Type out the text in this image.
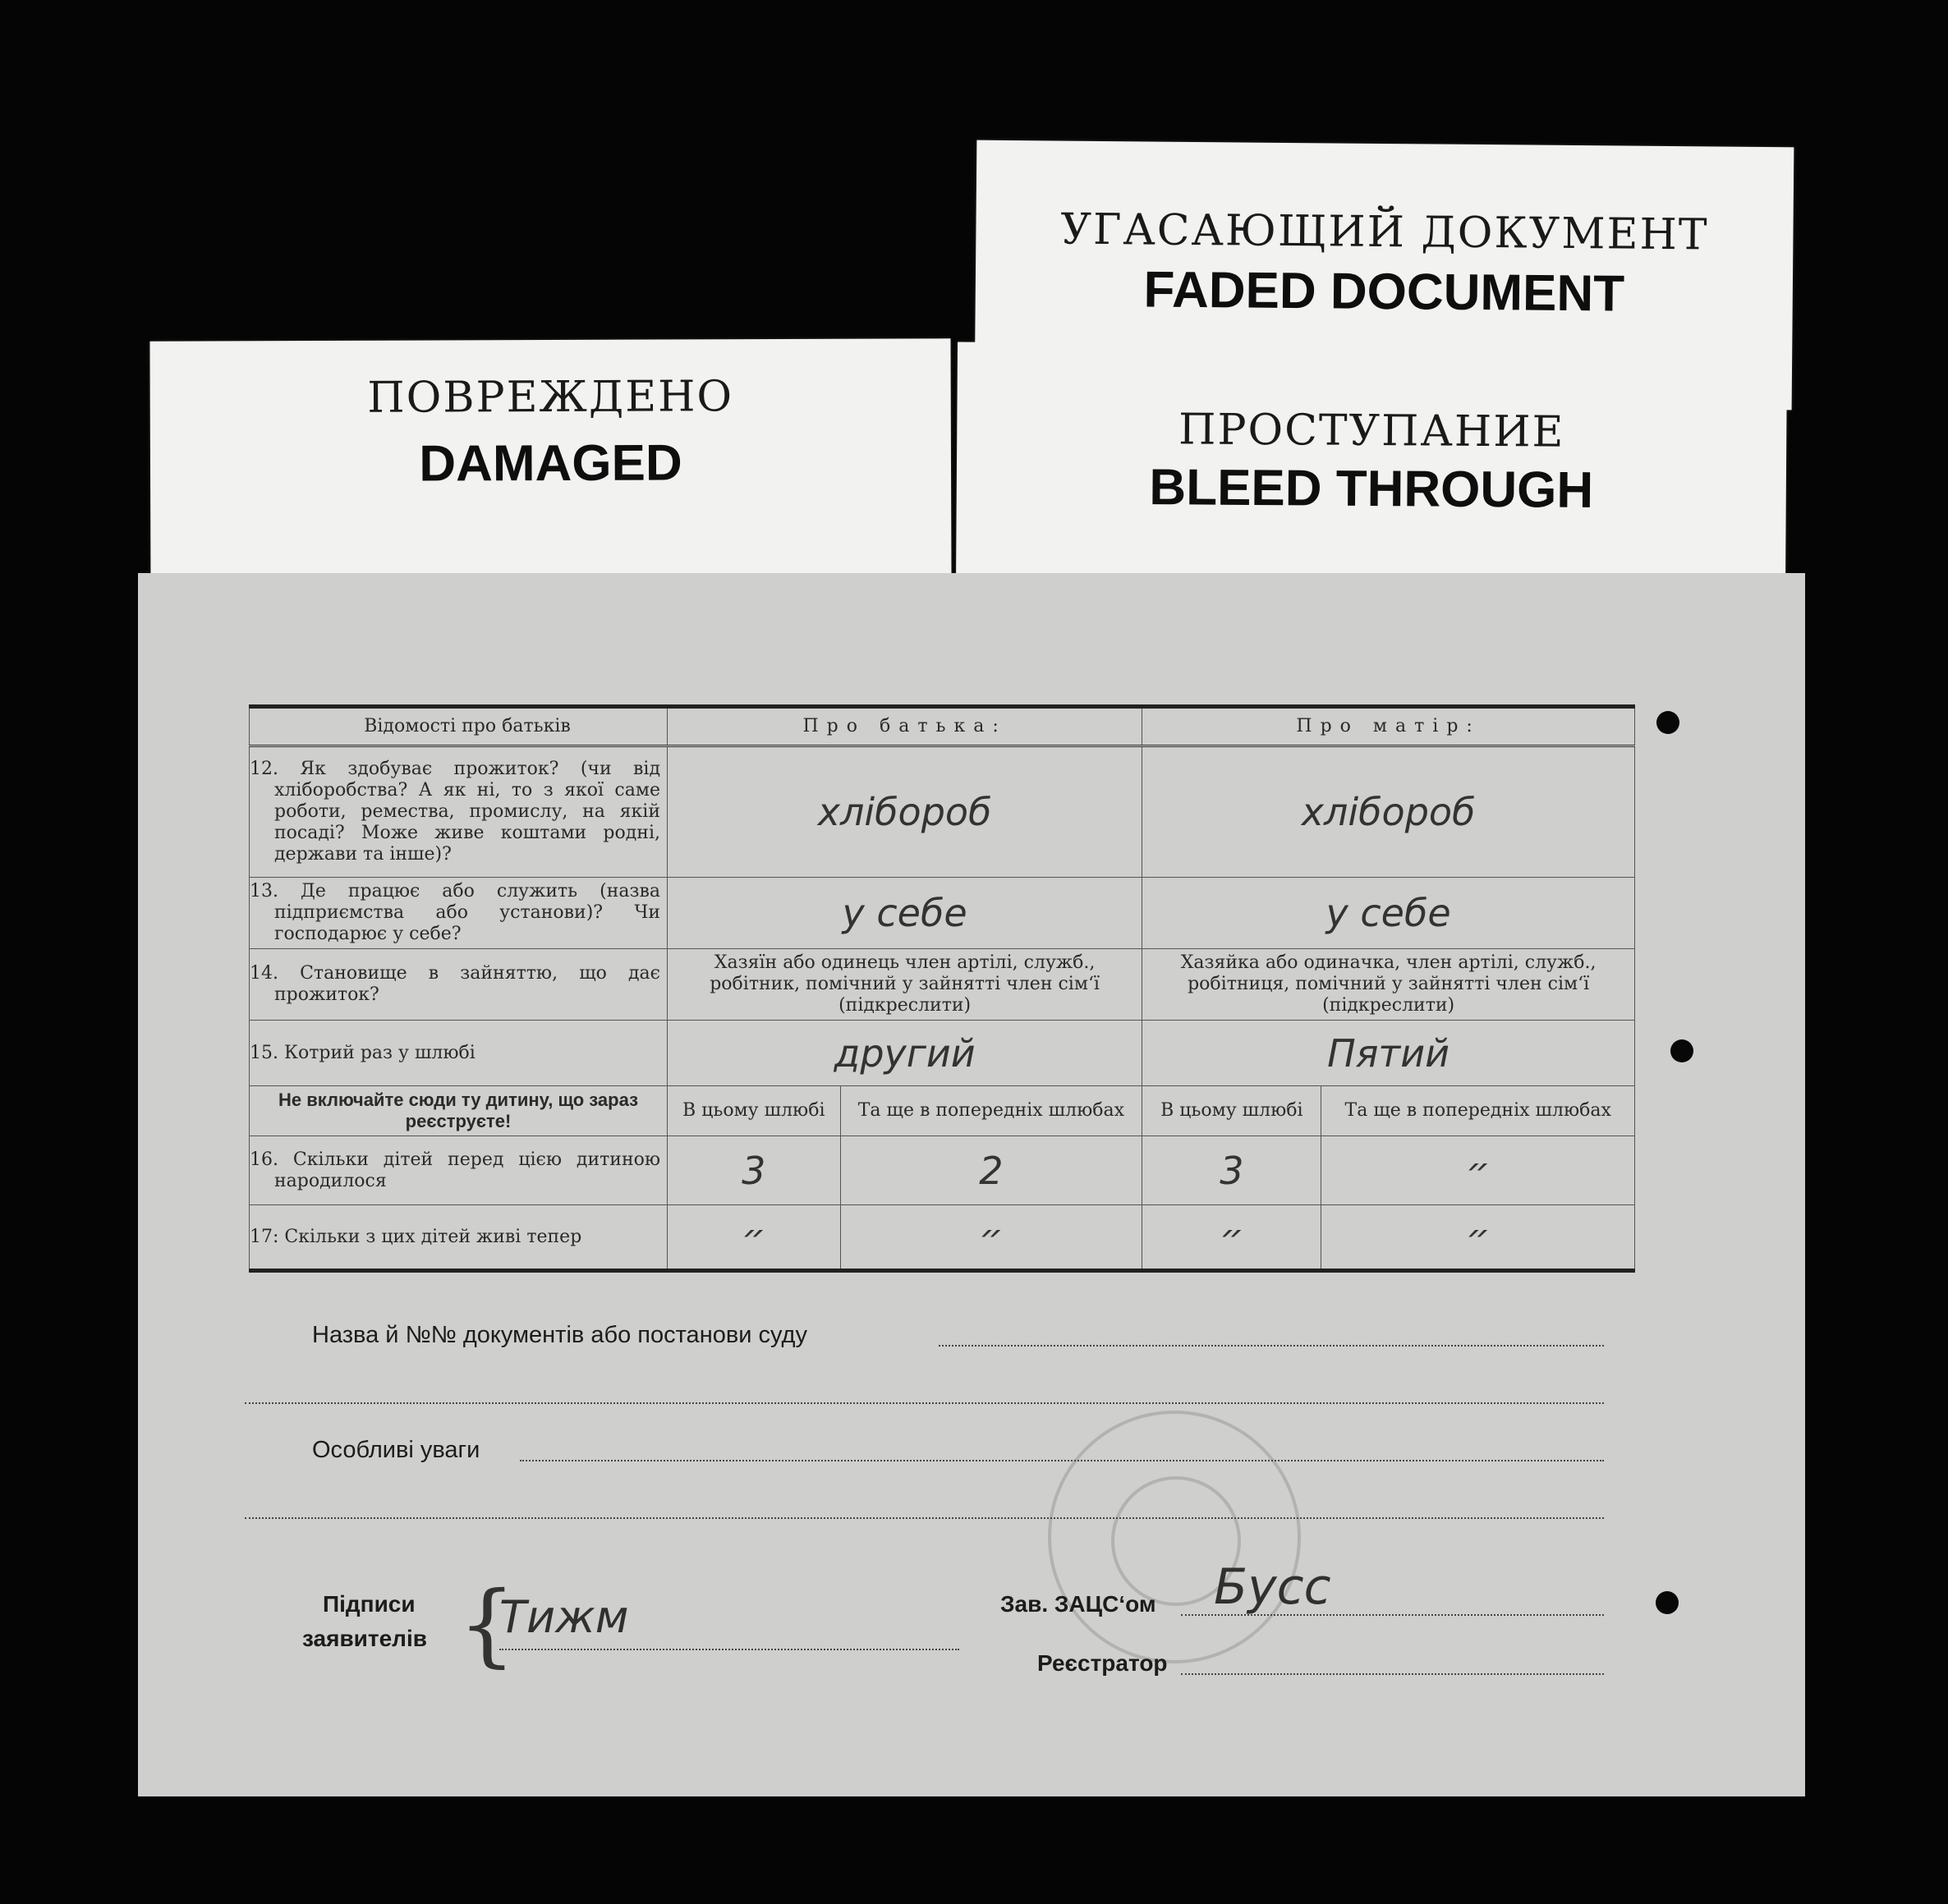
ПОВРЕЖДЕНО
DAMAGED
УГАСАЮЩИЙ ДОКУМЕНТ
FADED DOCUMENT
ПРОСТУПАНИЕ
BLEED THROUGH
Відомості про батьків	Про батька:		Про матір:	
12. Як здобуває прожиток? (чи від хліборобства? А як ні, то з якої саме роботи, ремества, промислу, на якій посаді? Може живе коштами родні, держави та інше)?	хлібороб		хлібороб	
13. Де працює або служить (назва підприємства або установи)? Чи господарює у себе?	у себе		у себе	
14. Становище в зайняттю, що дає прожиток?	Хазяїн або одинець член артілі, служб., робітник, помічний у зайнятті член сім‘ї (підкреслити)		Хазяйка або одиначка, член артілі, служб., робітниця, помічний у зайнятті член сім‘ї (підкреслити)	
15. Котрий раз у шлюбі	другий		Пятий	
Не включайте сюди ту дитину, що зараз реєструєте!	В цьому шлюбі	Та ще в попередніх шлюбах	В цьому шлюбі	Та ще в попередніх шлюбах
16. Скільки дітей перед цією дитиною народилося	3	2	3	״
17: Скільки з цих дітей живі тепер	״	״	״	״
Назва й №№ документів або постанови суду
Особливі уваги
Підписи
заявителів {
Тижм	Зав. ЗАЦС‘ом
Реєстратор
Бусс
